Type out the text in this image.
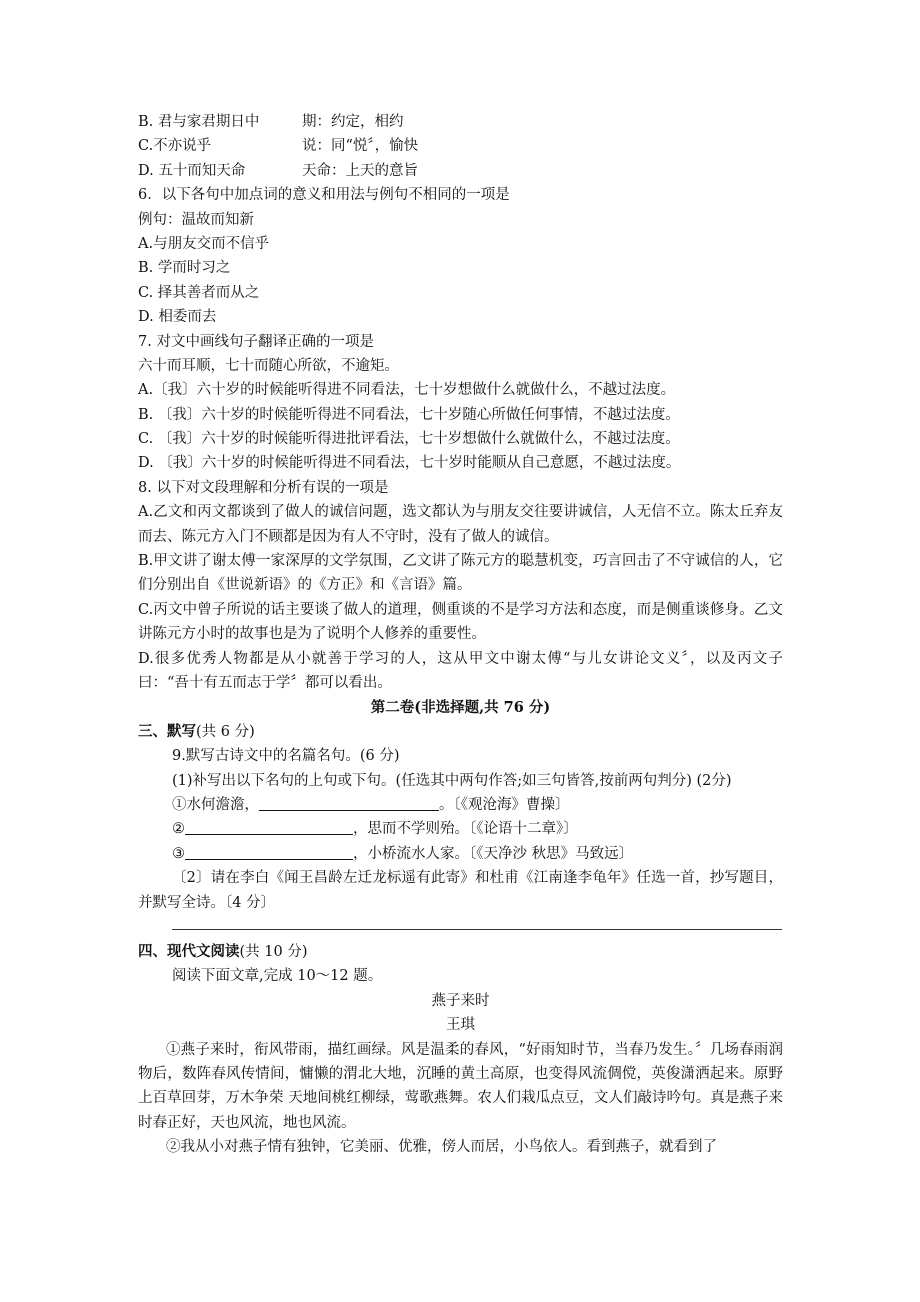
B. 君与家君期日中	期：约定，相约
C.不亦说乎	说：同“悦〞，愉快
D. 五十而知天命	天命：上天的意旨
6．以下各句中加点词的意义和用法与例句不相同的一项是
例句：温故而知新
A.与朋友交而不信乎
B. 学而时习之
C. 择其善者而从之
D. 相委而去
7. 对文中画线句子翻译正确的一项是
六十而耳顺，七十而随心所欲，不逾矩。
A.〔我〕六十岁的时候能听得进不同看法，七十岁想做什么就做什么，不越过法度。
B. 〔我〕六十岁的时候能听得进不同看法，七十岁随心所做任何事情，不越过法度。
C. 〔我〕六十岁的时候能听得进批评看法，七十岁想做什么就做什么，不越过法度。
D. 〔我〕六十岁的时候能听得进不同看法，七十岁时能顺从自己意愿，不越过法度。
8. 以下对文段理解和分析有误的一项是
A.乙文和丙文都谈到了做人的诚信问题，选文都认为与朋友交往要讲诚信，人无信不立。陈太丘弃友而去、陈元方入门不顾都是因为有人不守时，没有了做人的诚信。
B.甲文讲了谢太傅一家深厚的文学氛围，乙文讲了陈元方的聪慧机变，巧言回击了不守诚信的人，它们分别出自《世说新语》的《方正》和《言语》篇。
C.丙文中曾子所说的话主要谈了做人的道理，侧重谈的不是学习方法和态度，而是侧重谈修身。乙文讲陈元方小时的故事也是为了说明个人修养的重要性。
D.很多优秀人物都是从小就善于学习的人，这从甲文中谢太傅“与儿女讲论文义〞，以及丙文子曰：“吾十有五而志于学〞都可以看出。
第二卷(非选择题,共 76 分)
三、默写(共 6 分)
9.默写古诗文中的名篇名句。(6 分)
(1)补写出以下名句的上句或下句。(任选其中两句作答;如三句皆答,按前两句判分) (2分)
①水何澹澹，	。〔《观沧海》曹操〕
②	，思而不学则殆。〔《论语十二章》〕
③	，小桥流水人家。〔《天净沙 秋思》马致远〕
〔2〕请在李白《闻王昌龄左迁龙标遥有此寄》和杜甫《江南逢李龟年》任选一首，抄写题目，并默写全诗。〔4 分〕
四、现代文阅读(共 10 分)
阅读下面文章,完成 10～12 题。
燕子来时
王琪
①燕子来时，衔风带雨，描红画绿。风是温柔的春风，“好雨知时节，当春乃发生。〞几场春雨润物后，数阵春风传情间，慵懒的渭北大地，沉睡的黄土高原，也变得风流倜傥，英俊潇洒起来。原野上百草回芽，万木争荣 天地间桃红柳绿，莺歌燕舞。农人们栽瓜点豆，文人们敲诗吟句。真是燕子来时春正好，天也风流，地也风流。
②我从小对燕子情有独钟，它美丽、优雅，傍人而居，小鸟依人。看到燕子，就看到了
